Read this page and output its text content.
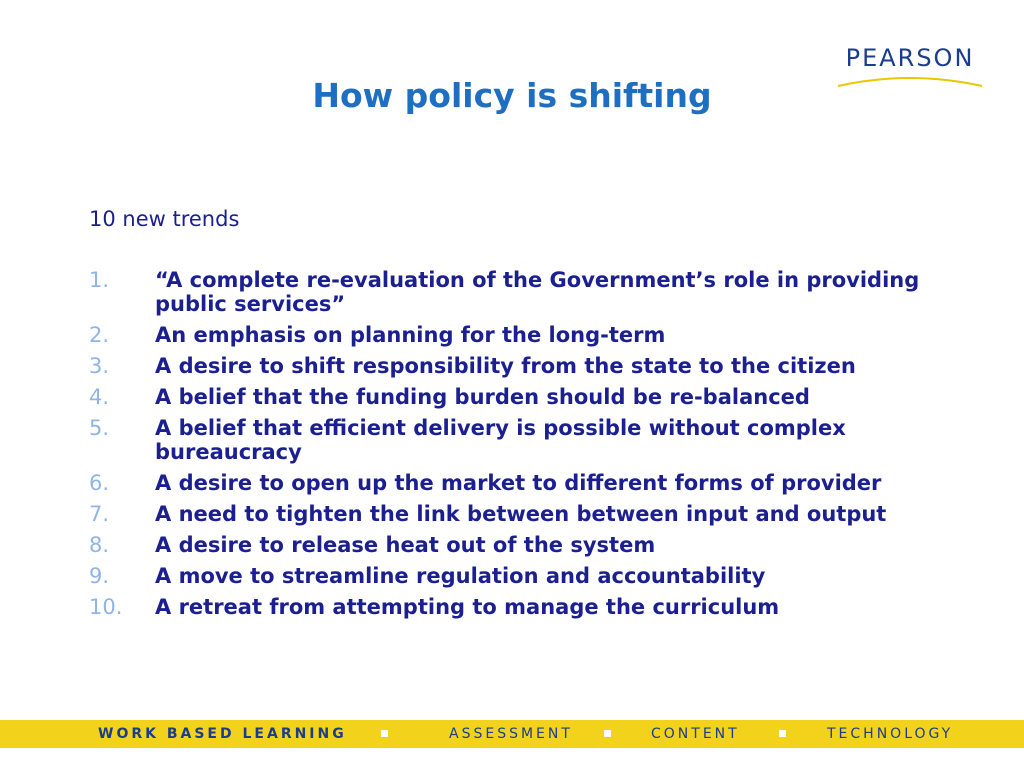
PEARSON
How policy is shifting

10 new trends

1.	“A complete re-evaluation of the Government’s role in providing public services”
2.	An emphasis on planning for the long-term
3.	A desire to shift responsibility from the state to the citizen
4.	A belief that the funding burden should be re-balanced
5.	A belief that efficient delivery is possible without complex bureaucracy
6.	A desire to open up the market to different forms of provider
7.	A need to tighten the link between between input and output
8.	A desire to release heat out of the system
9.	A move to streamline regulation and accountability
10.	A retreat from attempting to manage the curriculum
WORK BASED LEARNING	ASSESSMENT	CONTENT	TECHNOLOGY
